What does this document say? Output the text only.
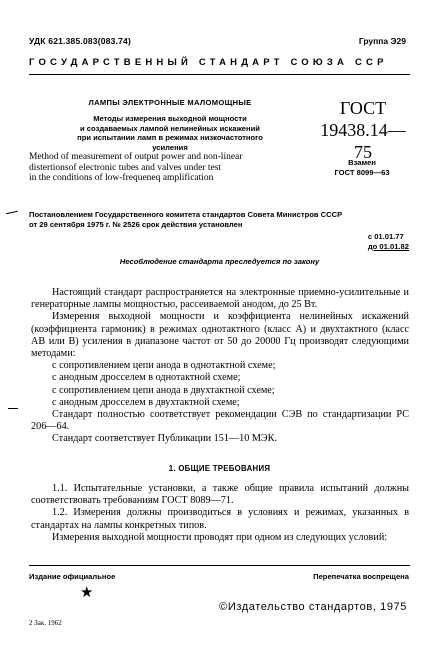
УДК 621.385.083(083.74)	Группа Э29
ГОСУДАРСТВЕННЫЙ СТАНДАРТ СОЮЗА ССР
ЛАМПЫ ЭЛЕКТРОННЫЕ МАЛОМОЩНЫЕ
Методы измерения выходной мощности
и создаваемых лампой нелинейных искажений
при испытании ламп в режимах низкочастотного
усиления
Method of measurement of output power and non-linear
distertionsof electronic tubes and valves under test
in the conditions of low-frequeneq amplification
ГОСТ
19438.14—75
Взамен
ГОСТ 8099—63
Постановлением Государственного комитета стандартов Совета Министров СССР
от 29 сентября 1975 г. № 2526 срок действия установлен
с 01.01.77
до 01.01.82
Несоблюдение стандарта преследуется по закону

Настоящий стандарт распространяется на электронные приемно-усилительные и генераторные лампы мощностью, рассеиваемой анодом, до 25 Вт.

Измерения выходной мощности и коэффициента нелинейных искажений (коэффициента гармоник) в режимах однотактного (класс А) и двухтактного (класс АВ или В) усиления в диапазоне частот от 50 до 20000 Гц производят следующими методами:

с сопротивлением цепи анода в однотактной схеме;

с анодным дросселем в однотактной схеме;

с сопротивлением цепи анода в двухтактной схеме;

с анодным дросселем в двухтактной схеме;

Стандарт полностью соответствует рекомендации СЭВ по стандартизации РС 206—64.

Стандарт соответствует Публикации 151—10 МЭК.

1. ОБЩИЕ ТРЕБОВАНИЯ

1.1. Испытательные установки, а также общие правила испытаний должны соответствовать требованиям ГОСТ 8089—71.

1.2. Измерения должны производиться в условиях и режимах, указанных в стандартах на лампы конкретных типов.

Измерения выходной мощности проводят при одном из следующих условий:

Издание официальное	Перепечатка воспрещена
★
©Издательство стандартов, 1975
2 Зак. 1962
